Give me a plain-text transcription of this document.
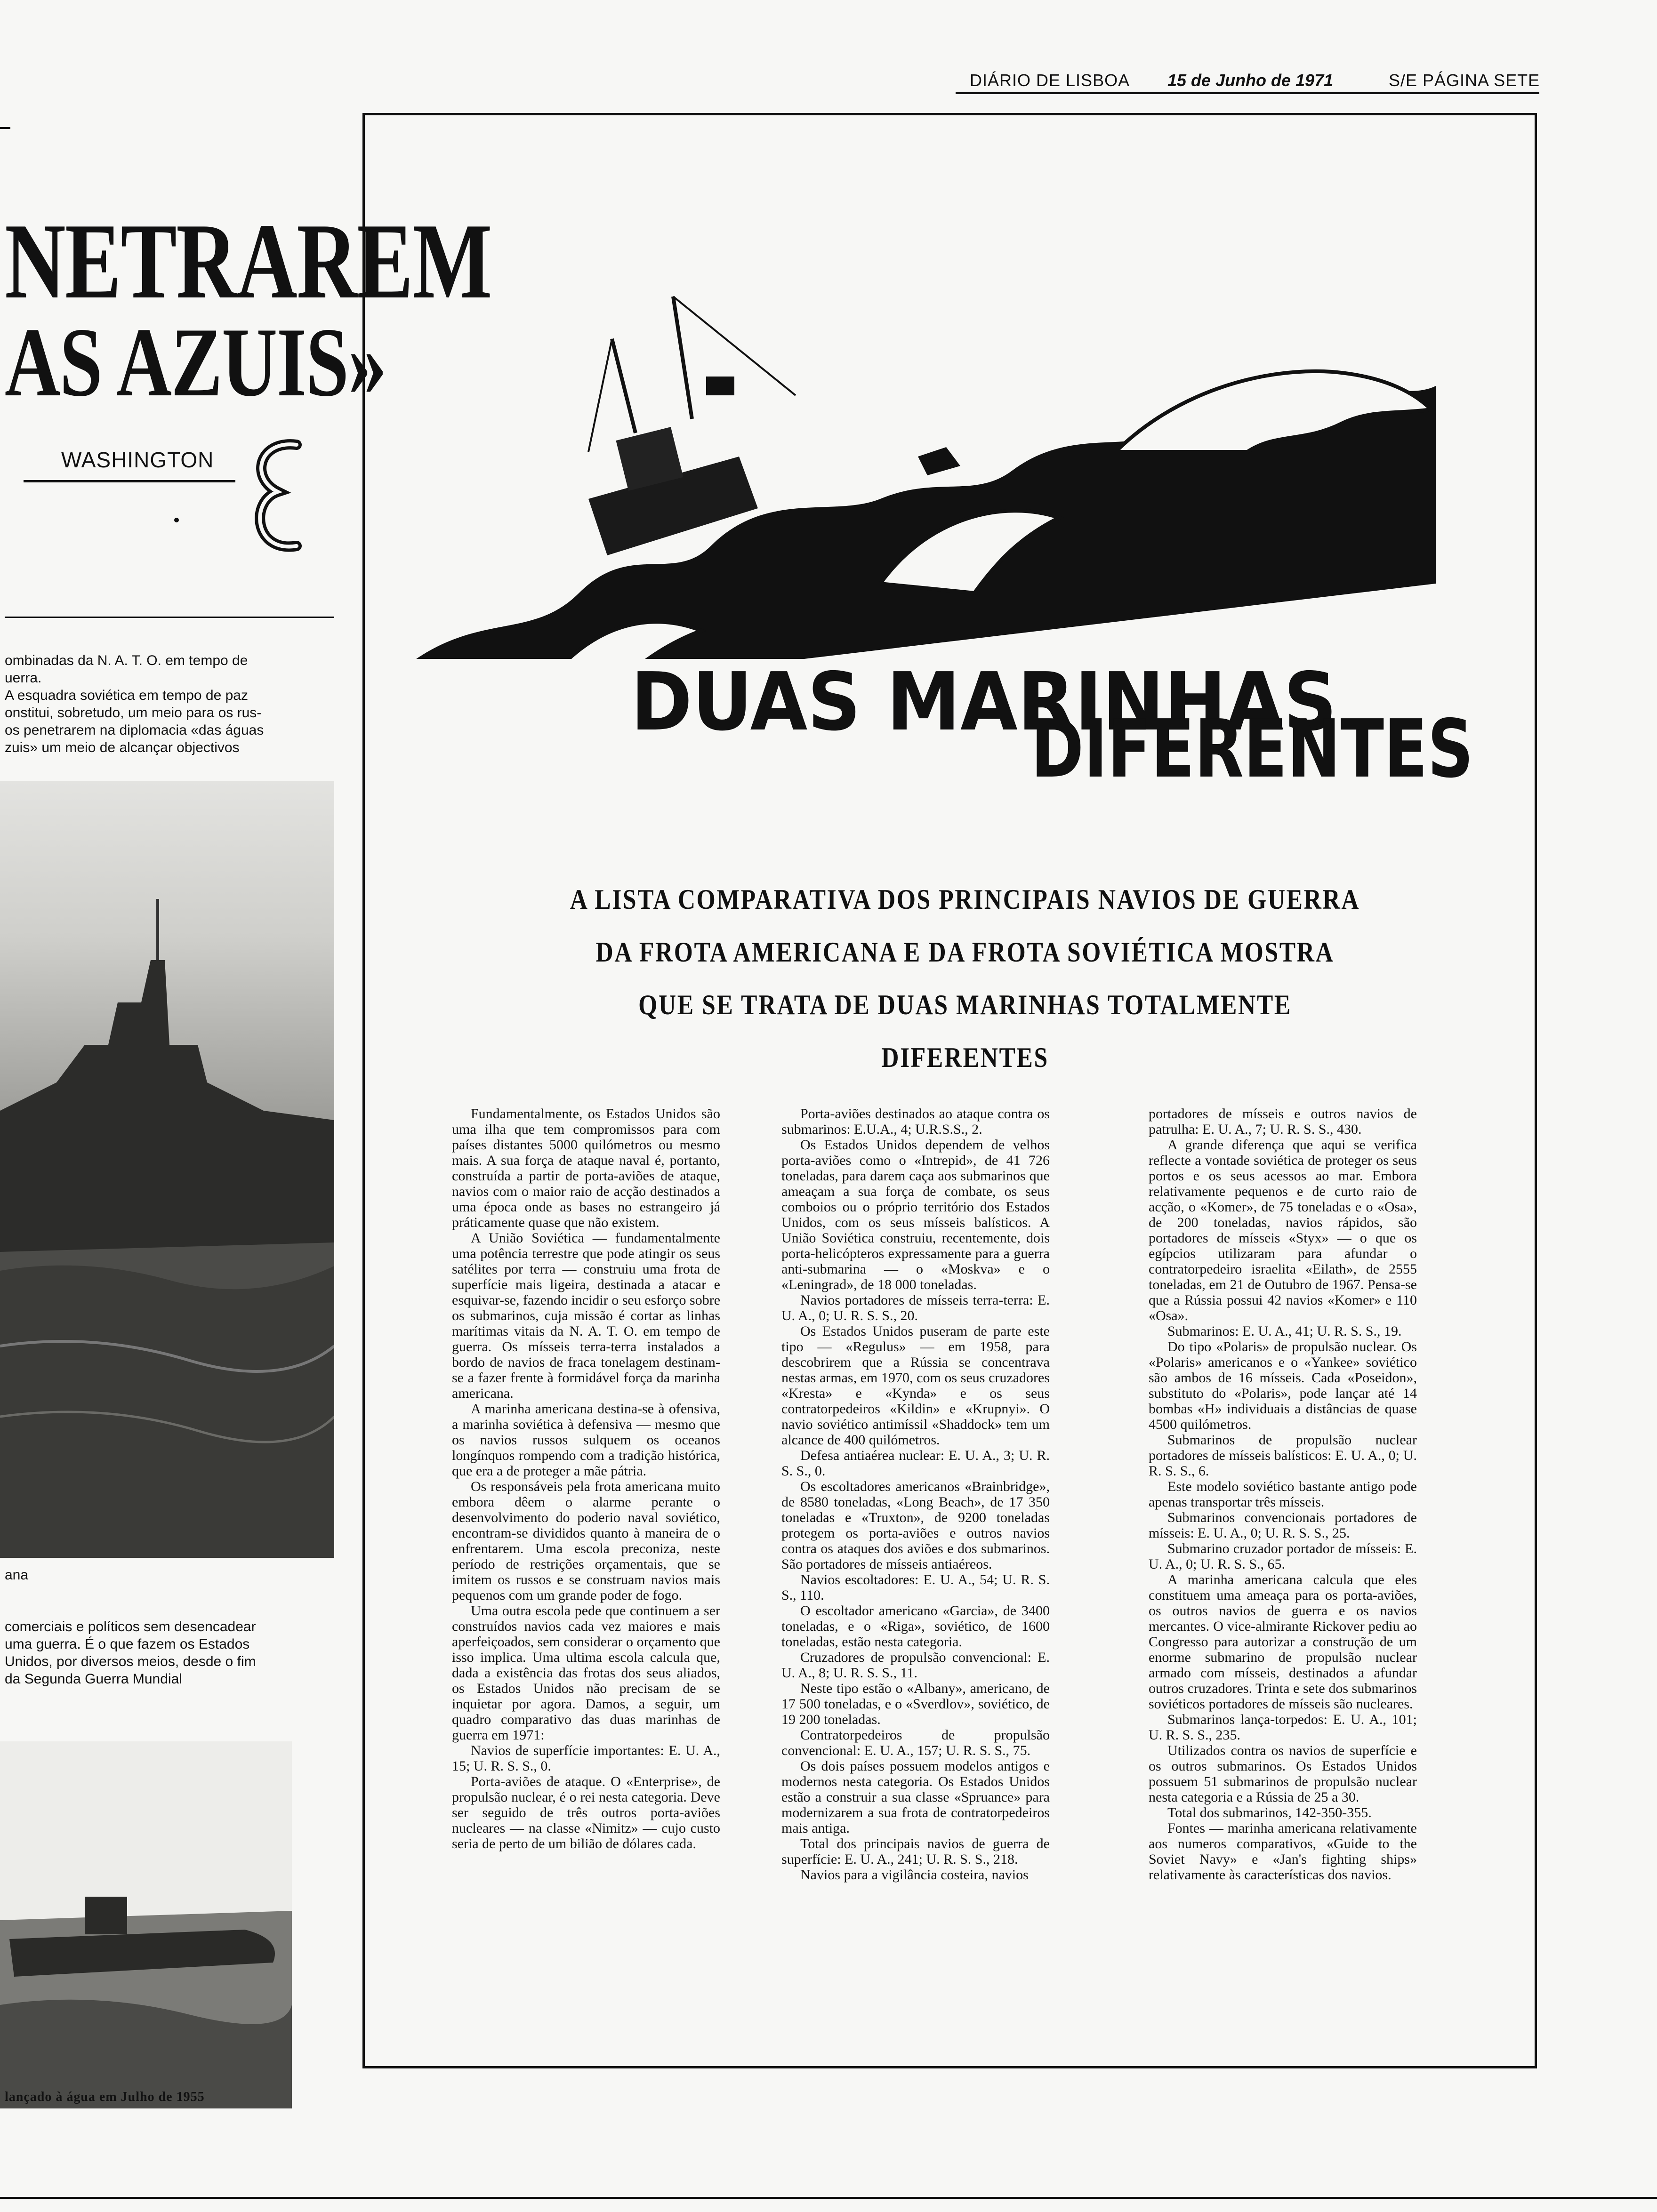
DIÁRIO DE LISBOA 15 de Junho de 1971	S/E PÁGINA SETE
NETRAREM
AS AZUIS»
WASHINGTON
ombinadas da N. A. T. O. em tempo de
uerra.
A esquadra soviética em tempo de paz
onstitui, sobretudo, um meio para os rus-
os penetrarem na diplomacia «das águas
zuis» um meio de alcançar objectivos
ana
comerciais e políticos sem desencadear
uma guerra. É o que fazem os Estados
Unidos, por diversos meios, desde o fim
da Segunda Guerra Mundial
lançado à água em Julho de 1955
DUAS MARINHAS
DIFERENTES
A LISTA COMPARATIVA DOS PRINCIPAIS NAVIOS DE GUERRA
DA FROTA AMERICANA E DA FROTA SOVIÉTICA MOSTRA
QUE SE TRATA DE DUAS MARINHAS TOTALMENTE DIFERENTES

Fundamentalmente, os Estados Unidos são uma ilha que tem compromissos para com países distantes 5000 quilómetros ou mesmo mais. A sua força de ataque naval é, portanto, construída a partir de porta-aviões de ataque, navios com o maior raio de acção destinados a uma época onde as bases no estrangeiro já práticamente quase que não existem.

A União Soviética — fundamentalmente uma potência terrestre que pode atingir os seus satélites por terra — construiu uma frota de superfície mais ligeira, destinada a atacar e esquivar-se, fazendo incidir o seu esforço sobre os submarinos, cuja missão é cortar as linhas marítimas vitais da N. A. T. O. em tempo de guerra. Os mísseis terra-terra instalados a bordo de navios de fraca tonelagem destinam-se a fazer frente à formidável força da marinha americana.

A marinha americana destina-se à ofensiva, a marinha soviética à defensiva — mesmo que os navios russos sulquem os oceanos longínquos rompendo com a tradição histórica, que era a de proteger a mãe pátria.

Os responsáveis pela frota americana muito embora dêem o alarme perante o desenvolvimento do poderio naval soviético, encontram-se divididos quanto à maneira de o enfrentarem. Uma escola preconiza, neste período de restrições orçamentais, que se imitem os russos e se construam navios mais pequenos com um grande poder de fogo.

Uma outra escola pede que continuem a ser construídos navios cada vez maiores e mais aperfeiçoados, sem considerar o orçamento que isso implica. Uma ultima escola calcula que, dada a existência das frotas dos seus aliados, os Estados Unidos não precisam de se inquietar por agora. Damos, a seguir, um quadro comparativo das duas marinhas de guerra em 1971:

Navios de superfície importantes: E. U. A., 15; U. R. S. S., 0.

Porta-aviões de ataque. O «Enterprise», de propulsão nuclear, é o rei nesta categoria. Deve ser seguido de três outros porta-aviões nucleares — na classe «Nimitz» — cujo custo seria de perto de um bilião de dólares cada.

Porta-aviões destinados ao ataque contra os submarinos: E.U.A., 4; U.R.S.S., 2.

Os Estados Unidos dependem de velhos porta-aviões como o «Intrepid», de 41 726 toneladas, para darem caça aos submarinos que ameaçam a sua força de combate, os seus comboios ou o próprio território dos Estados Unidos, com os seus mísseis balísticos. A União Soviética construiu, recentemente, dois porta-helicópteros expressamente para a guerra anti-submarina — o «Moskva» e o «Leningrad», de 18 000 toneladas.

Navios portadores de mísseis terra-terra: E. U. A., 0; U. R. S. S., 20.

Os Estados Unidos puseram de parte este tipo — «Regulus» — em 1958, para descobrirem que a Rússia se concentrava nestas armas, em 1970, com os seus cruzadores «Kresta» e «Kynda» e os seus contratorpedeiros «Kildin» e «Krupnyi». O navio soviético antimíssil «Shaddock» tem um alcance de 400 quilómetros.

Defesa antiaérea nuclear: E. U. A., 3; U. R. S. S., 0.

Os escoltadores americanos «Brainbridge», de 8580 toneladas, «Long Beach», de 17 350 toneladas e «Truxton», de 9200 toneladas protegem os porta-aviões e outros navios contra os ataques dos aviões e dos submarinos. São portadores de mísseis antiaéreos.

Navios escoltadores: E. U. A., 54; U. R. S. S., 110.

O escoltador americano «Garcia», de 3400 toneladas, e o «Riga», soviético, de 1600 toneladas, estão nesta categoria.

Cruzadores de propulsão convencional: E. U. A., 8; U. R. S. S., 11.

Neste tipo estão o «Albany», americano, de 17 500 toneladas, e o «Sverdlov», soviético, de 19 200 toneladas.

Contratorpedeiros de propulsão convencional: E. U. A., 157; U. R. S. S., 75.

Os dois países possuem modelos antigos e modernos nesta categoria. Os Estados Unidos estão a construir a sua classe «Spruance» para modernizarem a sua frota de contratorpedeiros mais antiga.

Total dos principais navios de guerra de superfície: E. U. A., 241; U. R. S. S., 218.

Navios para a vigilância costeira, navios

portadores de mísseis e outros navios de patrulha: E. U. A., 7; U. R. S. S., 430.

A grande diferença que aqui se verifica reflecte a vontade soviética de proteger os seus portos e os seus acessos ao mar. Embora relativamente pequenos e de curto raio de acção, o «Komer», de 75 toneladas e o «Osa», de 200 toneladas, navios rápidos, são portadores de mísseis «Styx» — o que os egípcios utilizaram para afundar o contratorpedeiro israelita «Eilath», de 2555 toneladas, em 21 de Outubro de 1967. Pensa-se que a Rússia possui 42 navios «Komer» e 110 «Osa».

Submarinos: E. U. A., 41; U. R. S. S., 19.

Do tipo «Polaris» de propulsão nuclear. Os «Polaris» americanos e o «Yankee» soviético são ambos de 16 mísseis. Cada «Poseidon», substituto do «Polaris», pode lançar até 14 bombas «H» individuais a distâncias de quase 4500 quilómetros.

Submarinos de propulsão nuclear portadores de mísseis balísticos: E. U. A., 0; U. R. S. S., 6.

Este modelo soviético bastante antigo pode apenas transportar três mísseis.

Submarinos convencionais portadores de mísseis: E. U. A., 0; U. R. S. S., 25.

Submarino cruzador portador de mísseis: E. U. A., 0; U. R. S. S., 65.

A marinha americana calcula que eles constituem uma ameaça para os porta-aviões, os outros navios de guerra e os navios mercantes. O vice-almirante Rickover pediu ao Congresso para autorizar a construção de um enorme submarino de propulsão nuclear armado com mísseis, destinados a afundar outros cruzadores. Trinta e sete dos submarinos soviéticos portadores de mísseis são nucleares.

Submarinos lança-torpedos: E. U. A., 101; U. R. S. S., 235.

Utilizados contra os navios de superfície e os outros submarinos. Os Estados Unidos possuem 51 submarinos de propulsão nuclear nesta categoria e a Rússia de 25 a 30.

Total dos submarinos, 142-350-355.

Fontes — marinha americana relativamente aos numeros comparativos, «Guide to the Soviet Navy» e «Jan's fighting ships» relativamente às características dos navios.
